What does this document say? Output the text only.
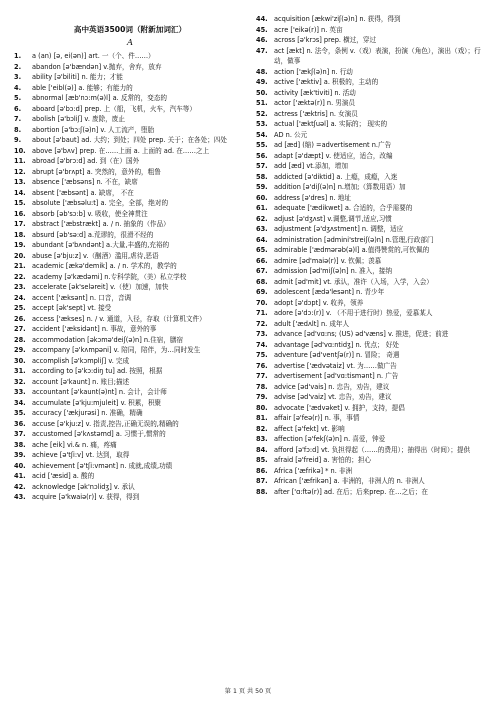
高中英语3500词（附新加词汇）
A
1.	a (an) [ə, ei(ən)] art. 一（个、件……）
2.	abandon [ə'bændən] v.抛弃，舍弃，放弃
3.	ability [ə'biliti] n. 能力；才能
4.	able ['eibl(ə)] a. 能够；有能力的
5.	abnormal [æb'nɔ:m(ə)l] a. 反常的，变态的
6.	aboard [ə'bɔ:d] prep. 上（船，飞机，火车，汽车等）
7.	abolish [ə'bɔliʃ] v. 废除，废止
8.	abortion [ə'bɔ:ʃ(ə)n] v. 人工流产，堕胎
9.	about [ə'baut] ad. 大约；到处；四处 prep. 关于；在各处；四处
10. above [ə'bʌv] prep. 在……上面 a. 上面的 ad. 在……之上
11. abroad [ə'brɔ:d] ad. 到（在）国外
12. abrupt [ə'brʌpt] a. 突然的，意外的，粗鲁
13. absence ['æbsəns] n. 不在，缺席
14. absent ['æbsənt] a. 缺席， 不在
15. absolute ['æbsəlu:t] a. 完全，全部，绝对的
16. absorb [əb'sɔ:b] v. 吸收，使全神贯注
17. abstract ['æbstrækt] a. / n. 抽象的（作品）
18. absurd [əb'sə:d] a.荒谬的，很滑不经的
19. abundant [ə'bʌndənt] a.大量,丰盛的,充裕的
20. abuse [ə'bju:z] v.（酗酒）滥用,虐待,恶语
21. academic [ækə'demik] a. / n. 学术的，教学的
22. academy [ə'kædəmi] n.专科学院，（美）私立学校
23. accelerate [ək'seləreit] v.（使）加速，加快
24. accent ['æksənt] n. 口音，音调
25. accept [ək'sept] vt. 接受
26. access ['ækses] n. / v. 通道，入径，存取（计算机文件）
27. accident ['æksidənt] n. 事故，意外的事
28. accommodation [əkɔmə'deiʃ(ə)n] n.住宿，膳宿
29. accompany [ə'kʌmpəni] v. 陪同，陪伴，为…同时发生
30. accomplish [ə'kɔmpliʃ] v. 完成
31. according to [ə'kɔ:diŋ tu] ad. 按照，根据
32. account [ə'kaunt] n. 账目;描述
33. accountant [ə'kaunt(ə)nt] n. 会计，会计师
34. accumulate [ə'kju:mjuleit] v. 积累，积聚
35. accuracy ['ækjurəsi] n. 准确，精确
36. accuse [ə'kju:z] v. 指责,控告,正确无误的,精确的
37. accustomed [ə'kʌstəmd] a. 习惯于,惯常的
38. ache [eik] vi.& n. 痛，疼痛
39. achieve [ə'tʃi:v] vt. 达到，取得
40. achievement [ə'tʃi:vmənt] n. 成就,成绩,功绩
41. acid ['æsid] a. 酸的
42. acknowledge [ək'nɔlidʒ] v. 承认
43. acquire [ə'kwaiə(r)] v. 获得，得到
44. acquisition [ækwi'ziʃ(ə)n] n. 获得，得到
45. acre ['eikə(r)] n. 英亩
46. across [ə'krɔs] prep. 横过，穿过
47. act [ækt] n. 法令，条例 v.（戏）表演，扮演（角色），演出（戏）；行动，做事
48. action ['ækʃ(ə)n] n. 行动
49. active ['æktiv] a. 积极的，主动的
50. activity [æk'tiviti] n. 活动
51. actor ['æktə(r)] n. 男演员
52. actress ['æktris] n. 女演员
53. actual ['æktʃuəl] a. 实际的； 现实的
54. AD n. 公元
55. ad [æd] (缩) =advertisement n.广告
56. adapt [ə'dæpt] v. 使适应，适合，改编
57. add [æd] vt.添加，增加
58. addicted [ə'diktid] a. 上瘾，成瘾，入迷
59. addition [ə'diʃ(ə)n] n.增加;（算数用语）加
60. address [ə'dres] n. 地址
61. adequate ['ædikwet] a. 合适的，合乎需要的
62. adjust [ə'dʒʌst] v.调整,调节,适应,习惯
63. adjustment [ə'dʒʌstment] n. 调整，适应
64. administration [ədmini'streiʃ(ə)n] n.管理,行政部门
65. admirable ['ædmərəb(ə)l] a.值得赞赏的,可钦佩的
66. admire [əd'maiə(r)] v. 钦佩；羡慕
67. admission [əd'miʃ(ə)n] n. 准入，接纳
68. admit [əd'mit] vt. 承认，准许（入场，入学，入会）
69. adolescent [ædə'lesənt] n. 青少年
70. adopt [ə'dɔpt] v. 收养，领养
71. adore [ə'dɔ:(r)] v. （不用于进行时）热爱，爱慕某人
72. adult ['ædʌlt] n. 成年人
73. advance [əd'vɑ:ns; (US) əd'væns] v. 推进，促进；前进
74. advantage [əd'vɑ:ntidʒ] n. 优点； 好处
75. adventure [əd'ventʃə(r)] n. 冒险； 奇遇
76. advertise ['ædvətaiz] vt. 为……做广告
77. advertisement [əd'vɑ:tismənt] n. 广告
78. advice [əd'vais] n. 忠告，劝告，建议
79. advise [əd'vaiz] vt. 忠告，劝告，建议
80. advocate ['ædvəket] v. 拥护，支持，提倡
81. affair [ə'feə(r)] n. 事，事情
82. affect [ə'fekt] vt. 影响
83. affection [ə'fekʃ(ə)n] n. 喜爱，钟爱
84. afford [ə'fɔ:d] vt. 负担得起（……的费用）；抽得出（时间）；提供
85. afraid [ə'freid] a. 害怕的；担心
86. Africa ['æfrikə] * n. 非洲
87. African ['æfrikən] a. 非洲的，非洲人的 n. 非洲人
88. after ['ɑ:ftə(r)] ad. 在后；后来prep. 在…之后；在
第 1 页 共 50 页
